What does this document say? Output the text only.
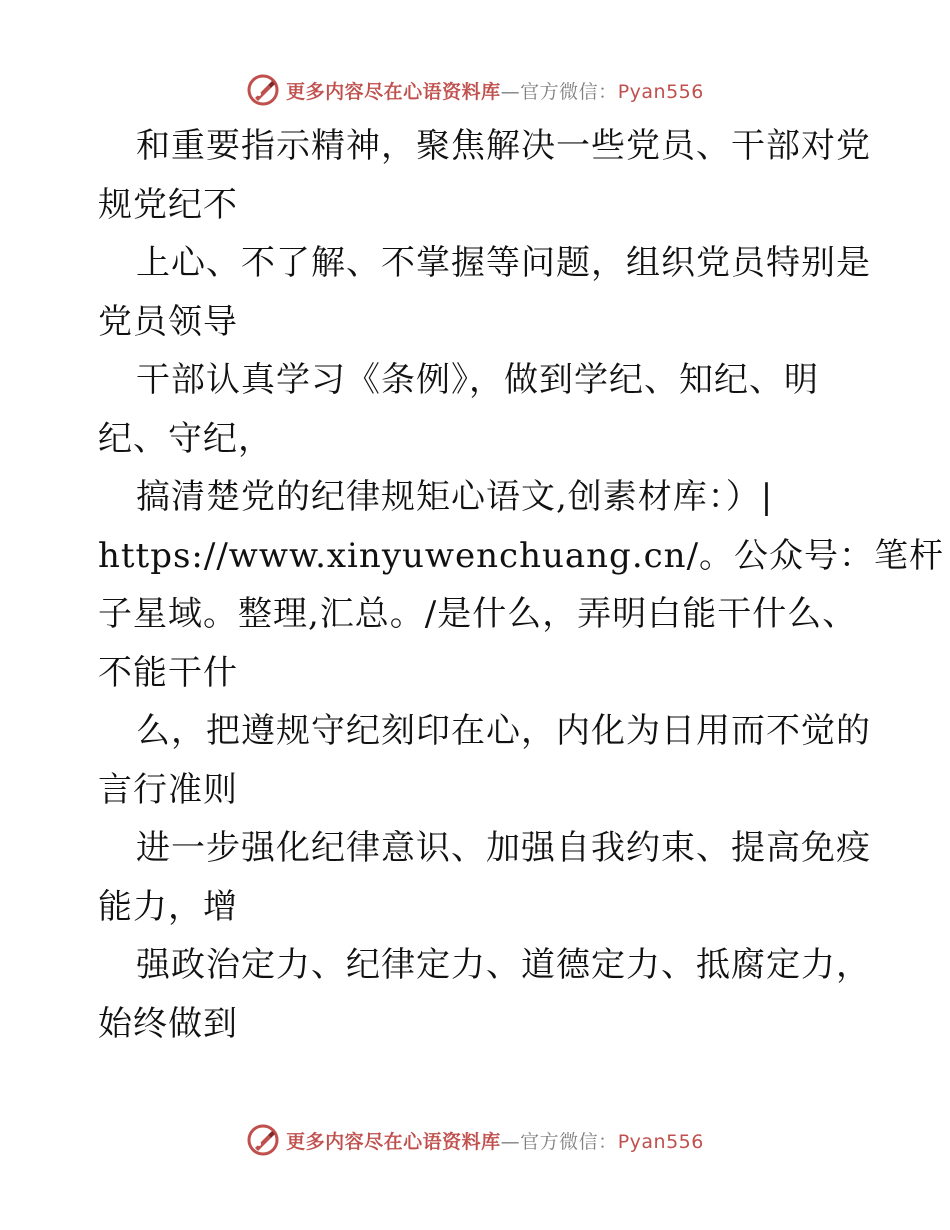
更多内容尽在心语资料库—官方微信：Pyan556
和重要指示精神，聚焦解决一些党员、干部对党
规党纪不
上心、不了解、不掌握等问题，组织党员特别是
党员领导
干部认真学习《条例》，做到学纪、知纪、明
纪、守纪，
搞清楚党的纪律规矩心语文,创素材库：）|
https://www.xinyuwenchuang.cn/。公众号：笔杆
子星域。整理,汇总。/是什么，弄明白能干什么、
不能干什
么，把遵规守纪刻印在心，内化为日用而不觉的
言行准则
进一步强化纪律意识、加强自我约束、提高免疫
能力，增
强政治定力、纪律定力、道德定力、抵腐定力，
始终做到
更多内容尽在心语资料库—官方微信：Pyan556
